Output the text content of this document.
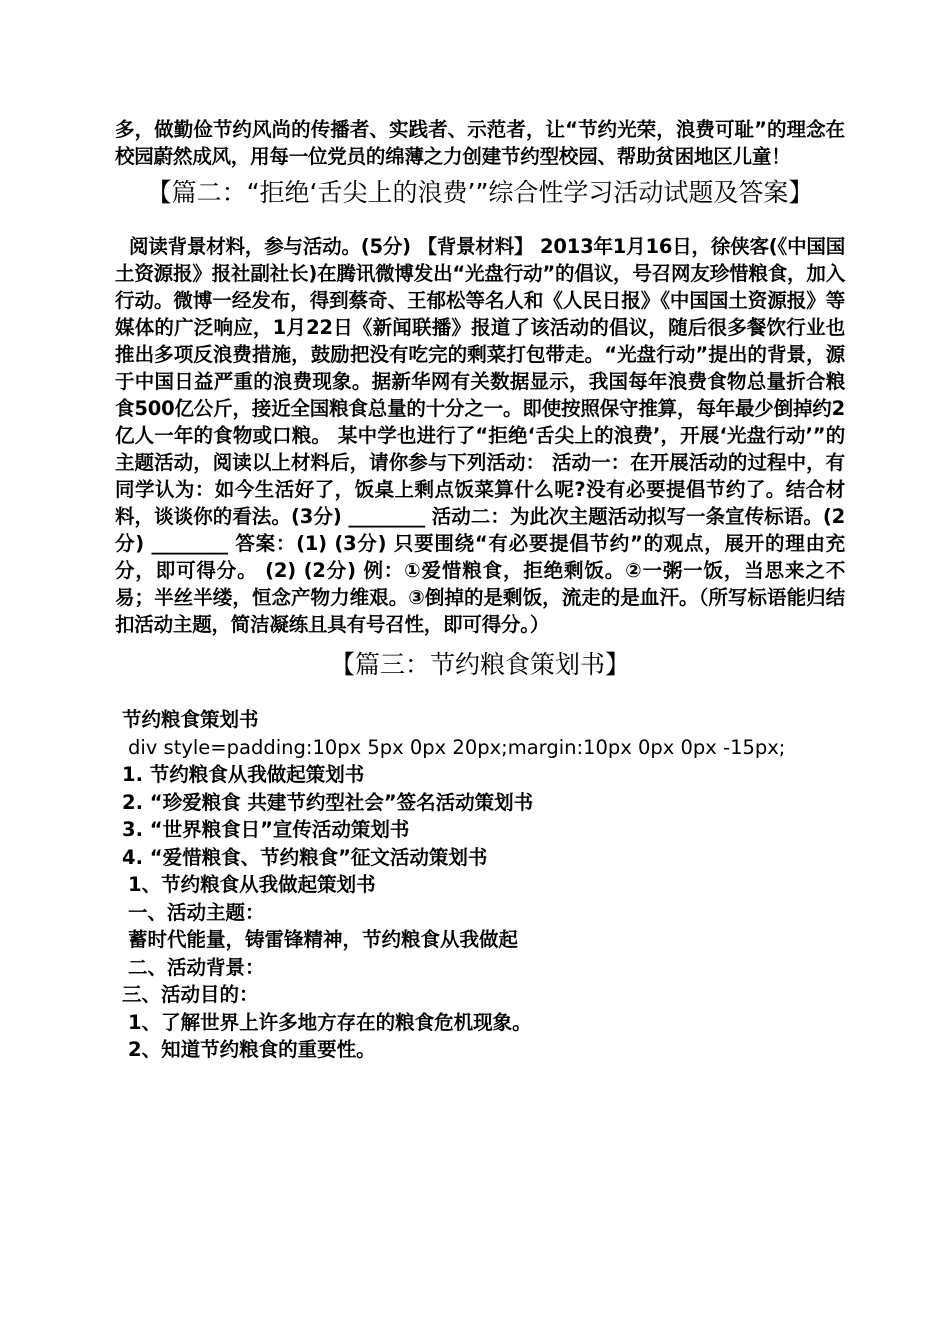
多，做勤俭节约风尚的传播者、实践者、示范者，让“节约光荣，浪费可耻”的理念在校园蔚然成风，用每一位党员的绵薄之力创建节约型校园、帮助贫困地区儿童！

【篇二：“拒绝‘舌尖上的浪费’”综合性学习活动试题及答案】

阅读背景材料，参与活动。(5分) 【背景材料】 2013年1月16日，徐侠客(《中国国土资源报》报社副社长)在腾讯微博发出“光盘行动”的倡议，号召网友珍惜粮食，加入行动。微博一经发布，得到蔡奇、王郁松等名人和《人民日报》《中国国土资源报》等媒体的广泛响应，1月22日《新闻联播》报道了该活动的倡议，随后很多餐饮行业也推出多项反浪费措施，鼓励把没有吃完的剩菜打包带走。“光盘行动”提出的背景，源于中国日益严重的浪费现象。据新华网有关数据显示，我国每年浪费食物总量折合粮食500亿公斤，接近全国粮食总量的十分之一。即使按照保守推算，每年最少倒掉约2亿人一年的食物或口粮。 某中学也进行了“拒绝‘舌尖上的浪费’，开展‘光盘行动’”的主题活动，阅读以上材料后，请你参与下列活动： 活动一：在开展活动的过程中，有同学认为：如今生活好了，饭桌上剩点饭菜算什么呢?没有必要提倡节约了。结合材料，谈谈你的看法。(3分) ________ 活动二：为此次主题活动拟写一条宣传标语。(2分) ________ 答案：(1) (3分) 只要围绕“有必要提倡节约”的观点，展开的理由充分，即可得分。 (2) (2分) 例：①爱惜粮食，拒绝剩饭。②一粥一饭，当思来之不易；半丝半缕，恒念产物力维艰。③倒掉的是剩饭，流走的是血汗。（所写标语能归结扣活动主题，简洁凝练且具有号召性，即可得分。）

【篇三：节约粮食策划书】

节约粮食策划书

div style=padding:10px 5px 0px 20px;margin:10px 0px 0px -15px;

1. 节约粮食从我做起策划书

2. “珍爱粮食 共建节约型社会”签名活动策划书

3. “世界粮食日”宣传活动策划书

4. “爱惜粮食、节约粮食”征文活动策划书

1、节约粮食从我做起策划书

一、活动主题：

蓄时代能量，铸雷锋精神，节约粮食从我做起

二、活动背景：

三、活动目的：

1、了解世界上许多地方存在的粮食危机现象。

2、知道节约粮食的重要性。
